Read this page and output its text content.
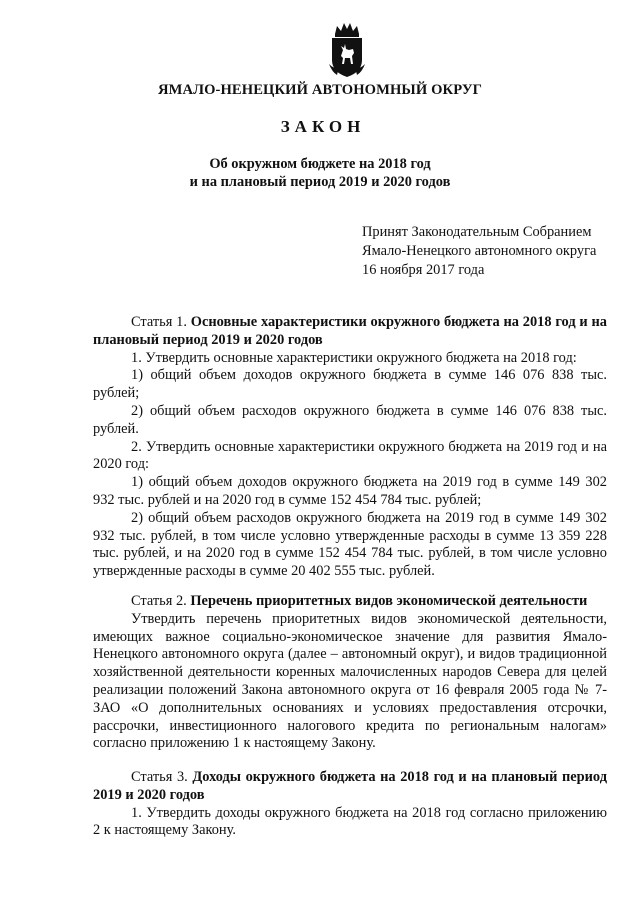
ЯМАЛО-НЕНЕЦКИЙ АВТОНОМНЫЙ ОКРУГ
ЗАКОН
Об окружном бюджете на 2018 год
и на плановый период 2019 и 2020 годов
Принят Законодательным Собранием
Ямало-Ненецкого автономного округа
16 ноября 2017 года

Статья 1. Основные характеристики окружного бюджета на 2018 год и на плановый период 2019 и 2020 годов

1. Утвердить основные характеристики окружного бюджета на 2018 год:

1) общий объем доходов окружного бюджета в сумме 146 076 838 тыс. рублей;

2) общий объем расходов окружного бюджета в сумме 146 076 838 тыс. рублей.

2. Утвердить основные характеристики окружного бюджета на 2019 год и на 2020 год:

1) общий объем доходов окружного бюджета на 2019 год в сумме 149 302 932 тыс. рублей и на 2020 год в сумме 152 454 784 тыс. рублей;

2) общий объем расходов окружного бюджета на 2019 год в сумме 149 302 932 тыс. рублей, в том числе условно утвержденные расходы в сумме 13 359 228 тыс. рублей, и на 2020 год в сумме 152 454 784 тыс. рублей, в том числе условно утвержденные расходы в сумме 20 402 555 тыс. рублей.

Статья 2. Перечень приоритетных видов экономической деятельности

Утвердить перечень приоритетных видов экономической деятельности, имеющих важное социально-экономическое значение для развития Ямало-Ненецкого автономного округа (далее – автономный округ), и видов традиционной хозяйственной деятельности коренных малочисленных народов Севера для целей реализации положений Закона автономного округа от 16 февраля 2005 года № 7-ЗАО «О дополнительных основаниях и условиях предоставления отсрочки, рассрочки, инвестиционного налогового кредита по региональным налогам» согласно приложению 1 к настоящему Закону.

Статья 3. Доходы окружного бюджета на 2018 год и на плановый период 2019 и 2020 годов

1. Утвердить доходы окружного бюджета на 2018 год согласно приложению 2 к настоящему Закону.
